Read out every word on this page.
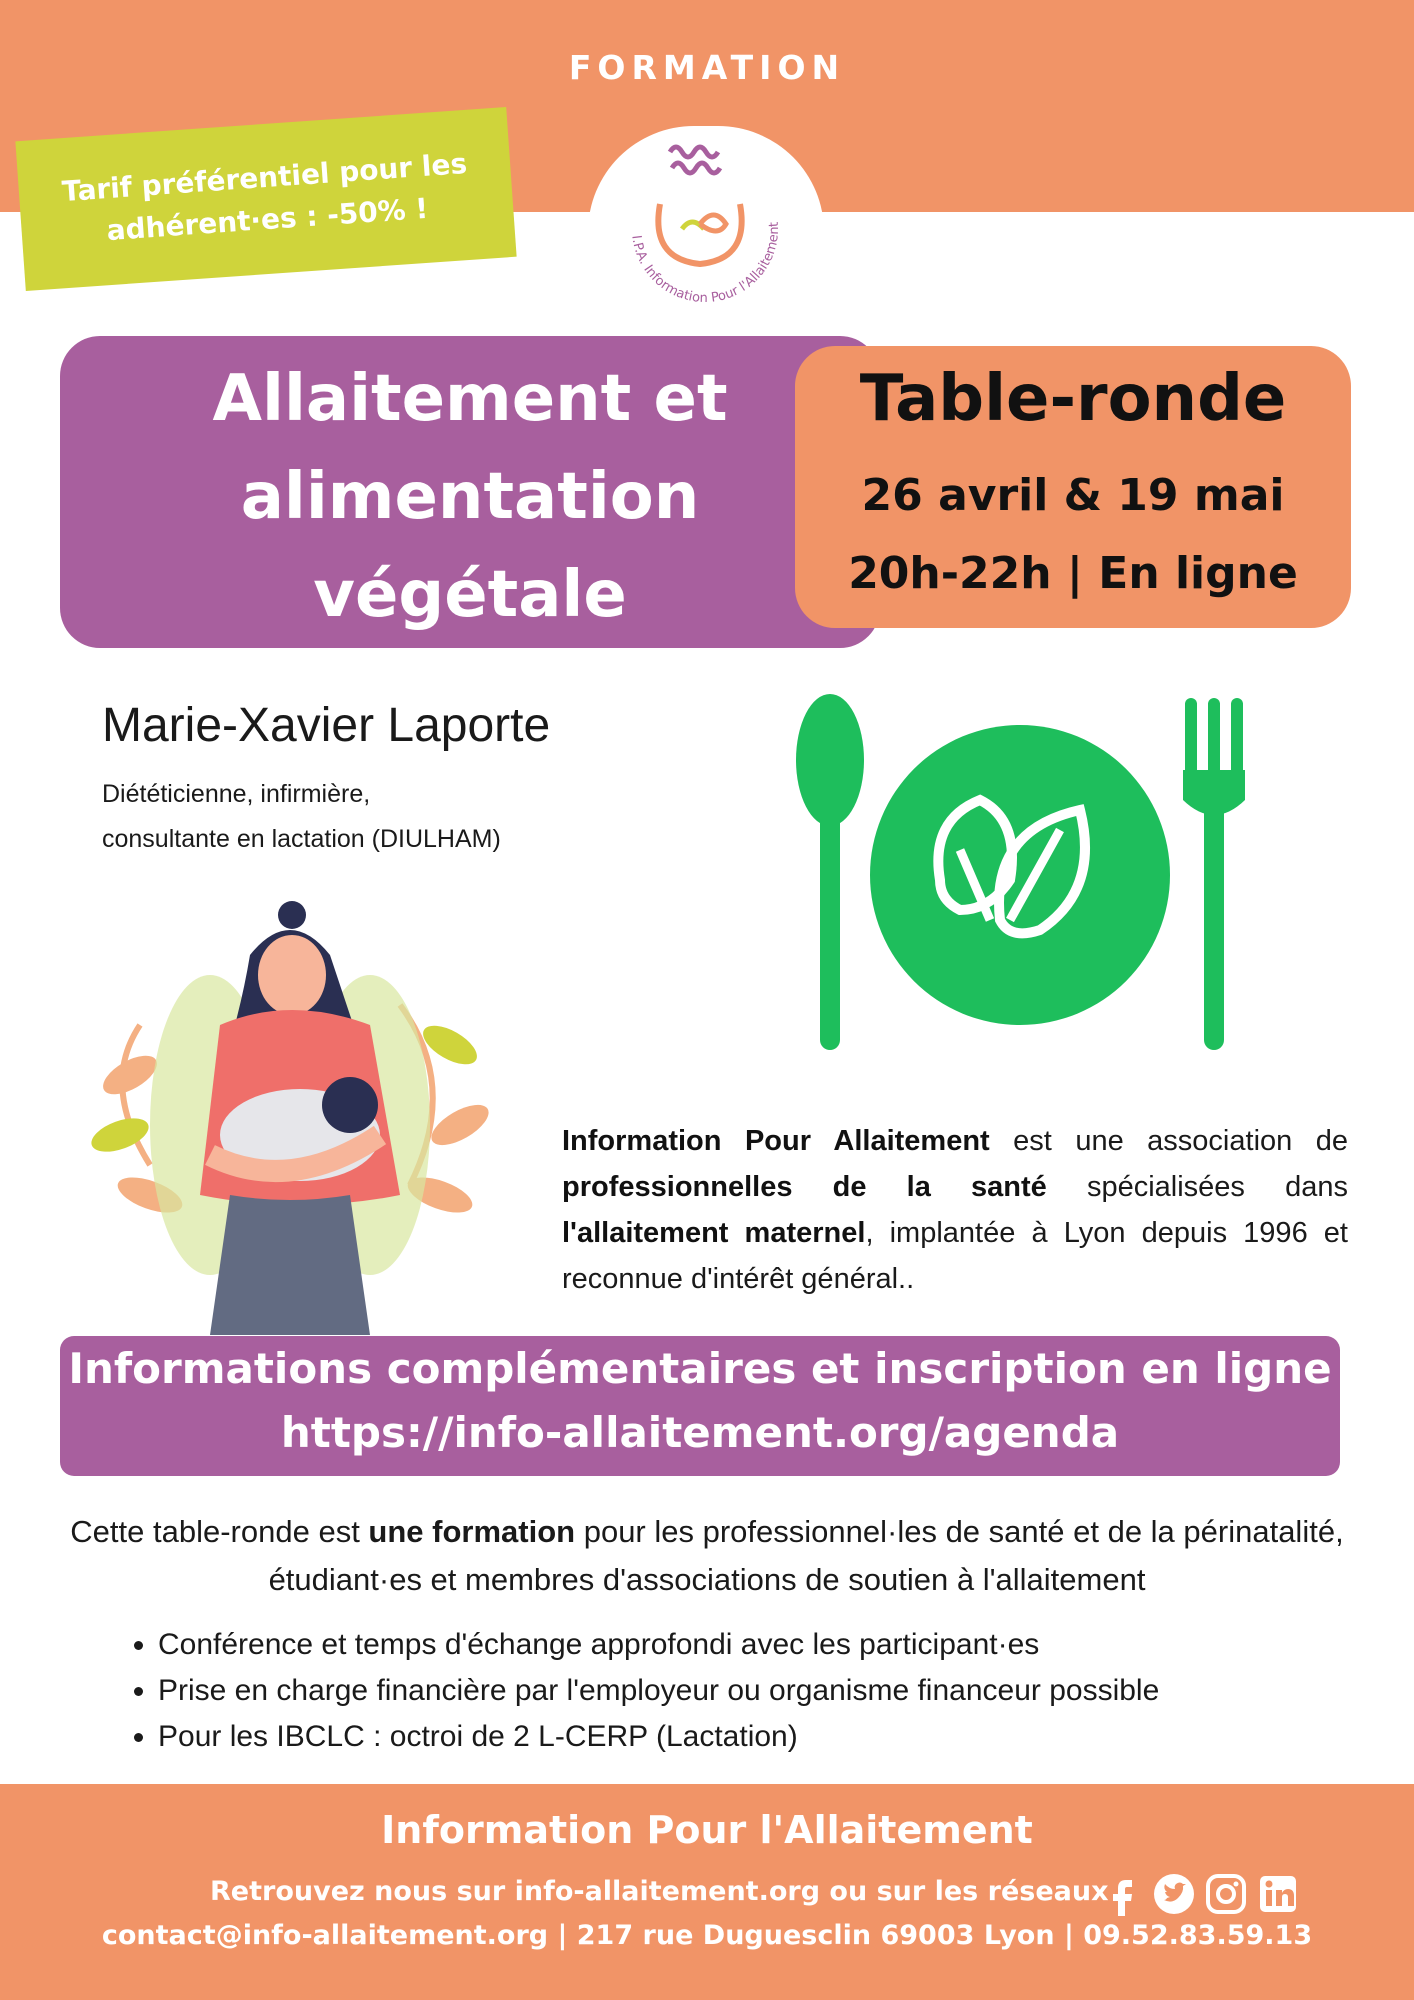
FORMATION
I.P.A. Information Pour l'Allaitement
Tarif préférentiel pour les adhérent·es : -50% !
Allaitement et
alimentation
végétale
Table-ronde
26 avril & 19 mai
20h-22h | En ligne
Marie-Xavier Laporte
Diététicienne, infirmière,
consultante en lactation (DIULHAM)
Information Pour Allaitement est une association de professionnelles de la santé spécialisées dans l'allaitement maternel, implantée à Lyon depuis 1996 et reconnue d'intérêt général..
Informations complémentaires et inscription en ligne
https://info-allaitement.org/agenda
Cette table-ronde est une formation pour les professionnel·les de santé et de la périnatalité, étudiant·es et membres d'associations de soutien à l'allaitement
• Conférence et temps d'échange approfondi avec les participant·es
• Prise en charge financière par l'employeur ou organisme financeur possible
• Pour les IBCLC : octroi de 2 L-CERP (Lactation)
Information Pour l'Allaitement
Retrouvez nous sur info-allaitement.org ou sur les réseaux
contact@info-allaitement.org | 217 rue Duguesclin 69003 Lyon | 09.52.83.59.13
